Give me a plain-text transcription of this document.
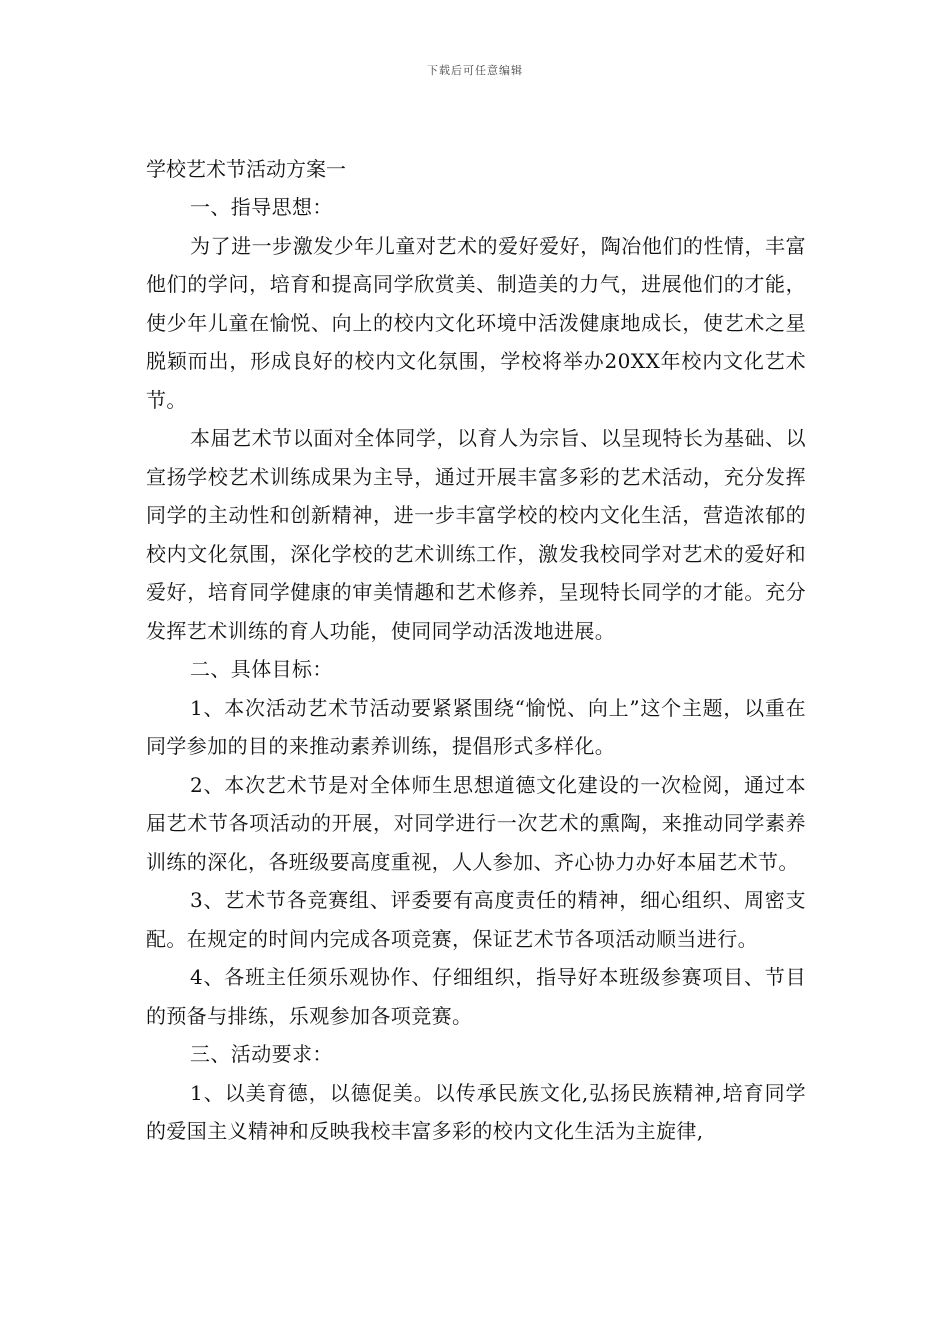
下载后可任意编辑

学校艺术节活动方案一

一、指导思想：

为了进一步激发少年儿童对艺术的爱好爱好，陶冶他们的性情，丰富他们的学问，培育和提高同学欣赏美、制造美的力气，进展他们的才能，使少年儿童在愉悦、向上的校内文化环境中活泼健康地成长，使艺术之星脱颖而出，形成良好的校内文化氛围，学校将举办20XX年校内文化艺术节。

本届艺术节以面对全体同学，以育人为宗旨、以呈现特长为基础、以宣扬学校艺术训练成果为主导，通过开展丰富多彩的艺术活动，充分发挥同学的主动性和创新精神，进一步丰富学校的校内文化生活，营造浓郁的校内文化氛围，深化学校的艺术训练工作，激发我校同学对艺术的爱好和爱好，培育同学健康的审美情趣和艺术修养，呈现特长同学的才能。充分发挥艺术训练的育人功能，使同同学动活泼地进展。

二、具体目标：

1、本次活动艺术节活动要紧紧围绕“愉悦、向上”这个主题，以重在同学参加的目的来推动素养训练，提倡形式多样化。

2、本次艺术节是对全体师生思想道德文化建设的一次检阅，通过本届艺术节各项活动的开展，对同学进行一次艺术的熏陶，来推动同学素养训练的深化，各班级要高度重视，人人参加、齐心协力办好本届艺术节。

3、艺术节各竞赛组、评委要有高度责任的精神，细心组织、周密支配。在规定的时间内完成各项竞赛，保证艺术节各项活动顺当进行。

4、各班主任须乐观协作、仔细组织，指导好本班级参赛项目、节目的预备与排练，乐观参加各项竞赛。

三、活动要求：

1、以美育德，以德促美。以传承民族文化,弘扬民族精神,培育同学的爱国主义精神和反映我校丰富多彩的校内文化生活为主旋律,
